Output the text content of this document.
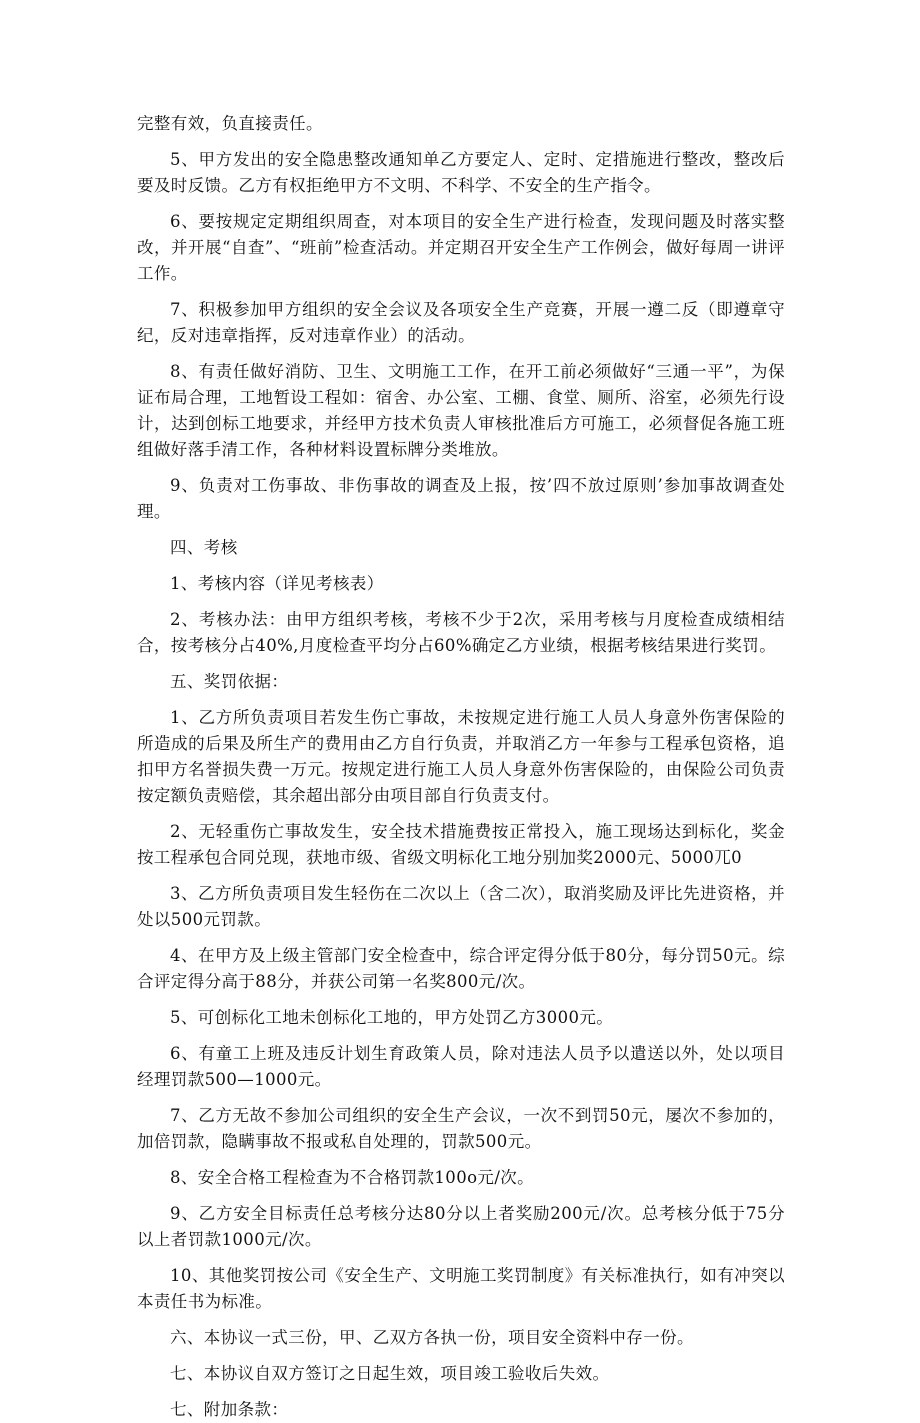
完整有效，负直接责任。

5、甲方发出的安全隐患整改通知单乙方要定人、定时、定措施进行整改，整改后要及时反馈。乙方有权拒绝甲方不文明、不科学、不安全的生产指令。

6、要按规定定期组织周查，对本项目的安全生产进行检查，发现问题及时落实整改，并开展“自查”、“班前”检查活动。并定期召开安全生产工作例会，做好每周一讲评工作。

7、积极参加甲方组织的安全会议及各项安全生产竞赛，开展一遵二反（即遵章守纪，反对违章指挥，反对违章作业）的活动。

8、有责任做好消防、卫生、文明施工工作，在开工前必须做好“三通一平”，为保证布局合理，工地暂设工程如：宿舍、办公室、工棚、食堂、厕所、浴室，必须先行设计，达到创标工地要求，并经甲方技术负责人审核批准后方可施工，必须督促各施工班组做好落手清工作，各种材料设置标牌分类堆放。

9、负责对工伤事故、非伤事故的调查及上报，按’四不放过原则’参加事故调查处理。

四、考核

1、考核内容（详见考核表）

2、考核办法：由甲方组织考核，考核不少于2次，采用考核与月度检查成绩相结合，按考核分占40%,月度检查平均分占60%确定乙方业绩，根据考核结果进行奖罚。

五、奖罚依据：

1、乙方所负责项目若发生伤亡事故，未按规定进行施工人员人身意外伤害保险的所造成的后果及所生产的费用由乙方自行负责，并取消乙方一年参与工程承包资格，追扣甲方名誉损失费一万元。按规定进行施工人员人身意外伤害保险的，由保险公司负责按定额负责赔偿，其余超出部分由项目部自行负责支付。

2、无轻重伤亡事故发生，安全技术措施费按正常投入，施工现场达到标化，奖金按工程承包合同兑现，获地市级、省级文明标化工地分别加奖2000元、5000兀0

3、乙方所负责项目发生轻伤在二次以上（含二次），取消奖励及评比先进资格，并处以500元罚款。

4、在甲方及上级主管部门安全检查中，综合评定得分低于80分，每分罚50元。综合评定得分高于88分，并获公司第一名奖800元/次。

5、可创标化工地未创标化工地的，甲方处罚乙方3000元。

6、有童工上班及违反计划生育政策人员，除对违法人员予以遣送以外，处以项目经理罚款500—1000元。

7、乙方无故不参加公司组织的安全生产会议，一次不到罚50元，屡次不参加的，加倍罚款，隐瞒事故不报或私自处理的，罚款500元。

8、安全合格工程检查为不合格罚款100o元/次。

9、乙方安全目标责任总考核分达80分以上者奖励200元/次。总考核分低于75分以上者罚款1000元/次。

10、其他奖罚按公司《安全生产、文明施工奖罚制度》有关标准执行，如有冲突以本责任书为标准。

六、本协议一式三份，甲、乙双方各执一份，项目安全资料中存一份。

七、本协议自双方签订之日起生效，项目竣工验收后失效。

七、附加条款：
